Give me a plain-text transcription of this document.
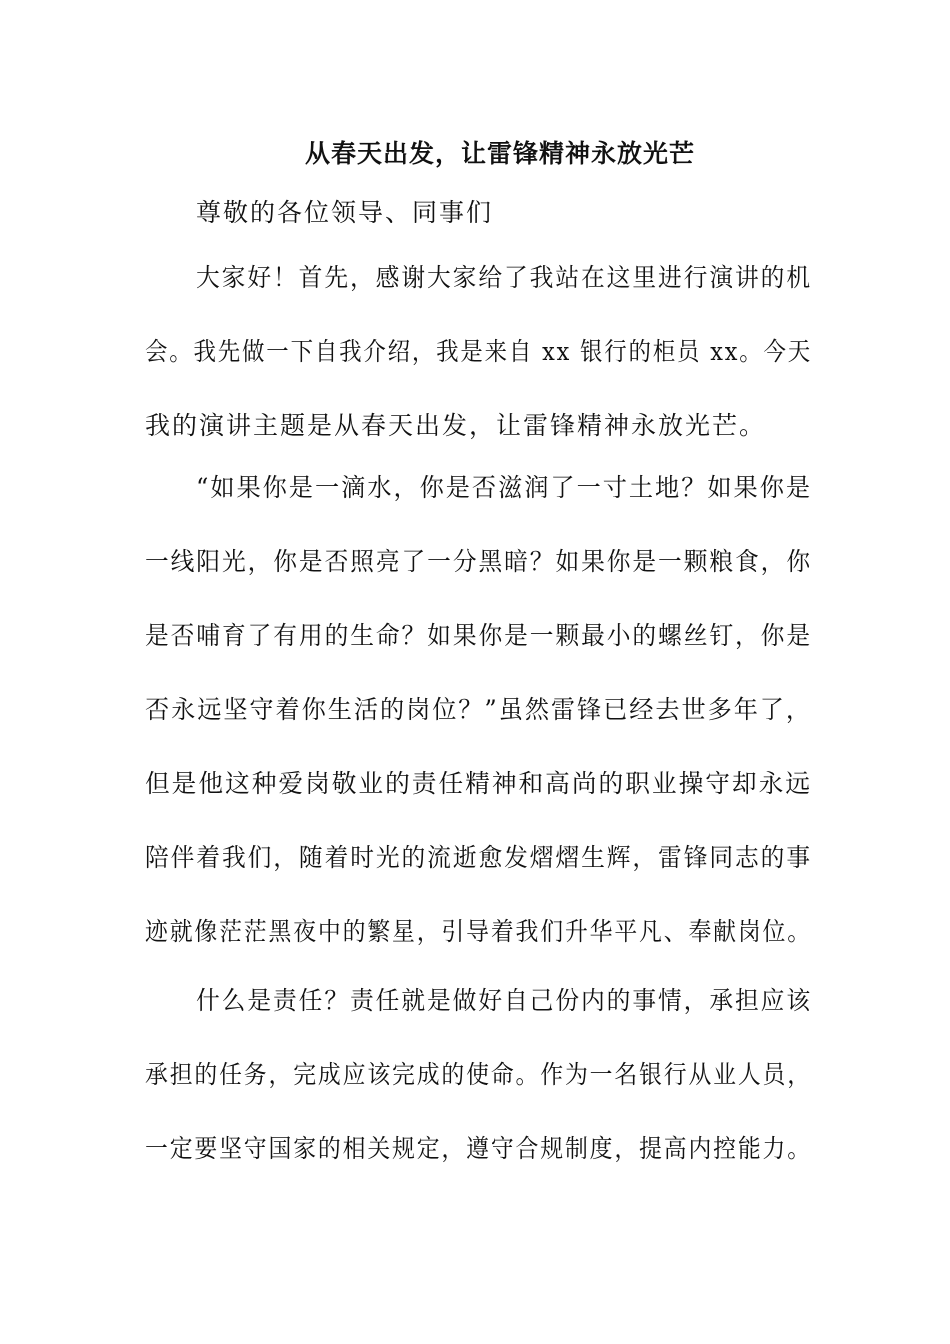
从春天出发，让雷锋精神永放光芒
尊敬的各位领导、同事们
大家好！首先，感谢大家给了我站在这里进行演讲的机
会。我先做一下自我介绍，我是来自 xx 银行的柜员 xx。今天
我的演讲主题是从春天出发，让雷锋精神永放光芒。
“如果你是一滴水，你是否滋润了一寸土地？如果你是
一线阳光，你是否照亮了一分黑暗？如果你是一颗粮食，你
是否哺育了有用的生命？如果你是一颗最小的螺丝钉，你是
否永远坚守着你生活的岗位？”虽然雷锋已经去世多年了，
但是他这种爱岗敬业的责任精神和高尚的职业操守却永远
陪伴着我们，随着时光的流逝愈发熠熠生辉，雷锋同志的事
迹就像茫茫黑夜中的繁星，引导着我们升华平凡、奉献岗位。
什么是责任？责任就是做好自己份内的事情，承担应该
承担的任务，完成应该完成的使命。作为一名银行从业人员，
一定要坚守国家的相关规定，遵守合规制度，提高内控能力。
